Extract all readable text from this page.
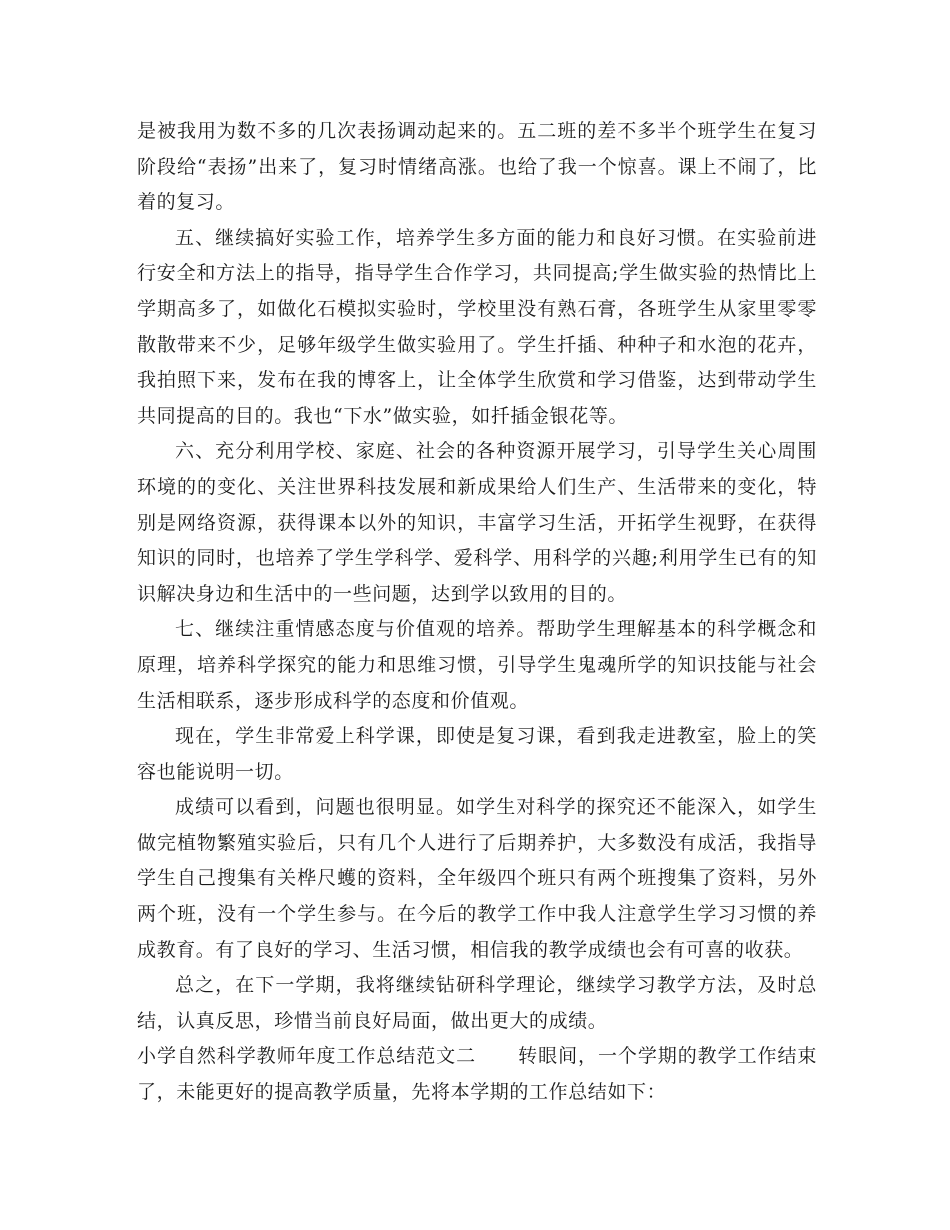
是被我用为数不多的几次表扬调动起来的。五二班的差不多半个班学生在复习阶段给“表扬”出来了，复习时情绪高涨。也给了我一个惊喜。课上不闹了，比着的复习。

五、继续搞好实验工作，培养学生多方面的能力和良好习惯。在实验前进行安全和方法上的指导，指导学生合作学习，共同提高;学生做实验的热情比上学期高多了，如做化石模拟实验时，学校里没有熟石膏，各班学生从家里零零散散带来不少，足够年级学生做实验用了。学生扦插、种种子和水泡的花卉，我拍照下来，发布在我的博客上，让全体学生欣赏和学习借鉴，达到带动学生共同提高的目的。我也“下水”做实验，如扦插金银花等。

六、充分利用学校、家庭、社会的各种资源开展学习，引导学生关心周围环境的的变化、关注世界科技发展和新成果给人们生产、生活带来的变化，特别是网络资源，获得课本以外的知识，丰富学习生活，开拓学生视野，在获得知识的同时，也培养了学生学科学、爱科学、用科学的兴趣;利用学生已有的知识解决身边和生活中的一些问题，达到学以致用的目的。

七、继续注重情感态度与价值观的培养。帮助学生理解基本的科学概念和原理，培养科学探究的能力和思维习惯，引导学生鬼魂所学的知识技能与社会生活相联系，逐步形成科学的态度和价值观。

现在，学生非常爱上科学课，即使是复习课，看到我走进教室，脸上的笑容也能说明一切。

成绩可以看到，问题也很明显。如学生对科学的探究还不能深入，如学生做完植物繁殖实验后，只有几个人进行了后期养护，大多数没有成活，我指导学生自己搜集有关桦尺蠖的资料，全年级四个班只有两个班搜集了资料，另外两个班，没有一个学生参与。在今后的教学工作中我人注意学生学习习惯的养成教育。有了良好的学习、生活习惯，相信我的教学成绩也会有可喜的收获。

总之，在下一学期，我将继续钻研科学理论，继续学习教学方法，及时总结，认真反思，珍惜当前良好局面，做出更大的成绩。

小学自然科学教师年度工作总结范文二 转眼间，一个学期的教学工作结束了，未能更好的提高教学质量，先将本学期的工作总结如下：
